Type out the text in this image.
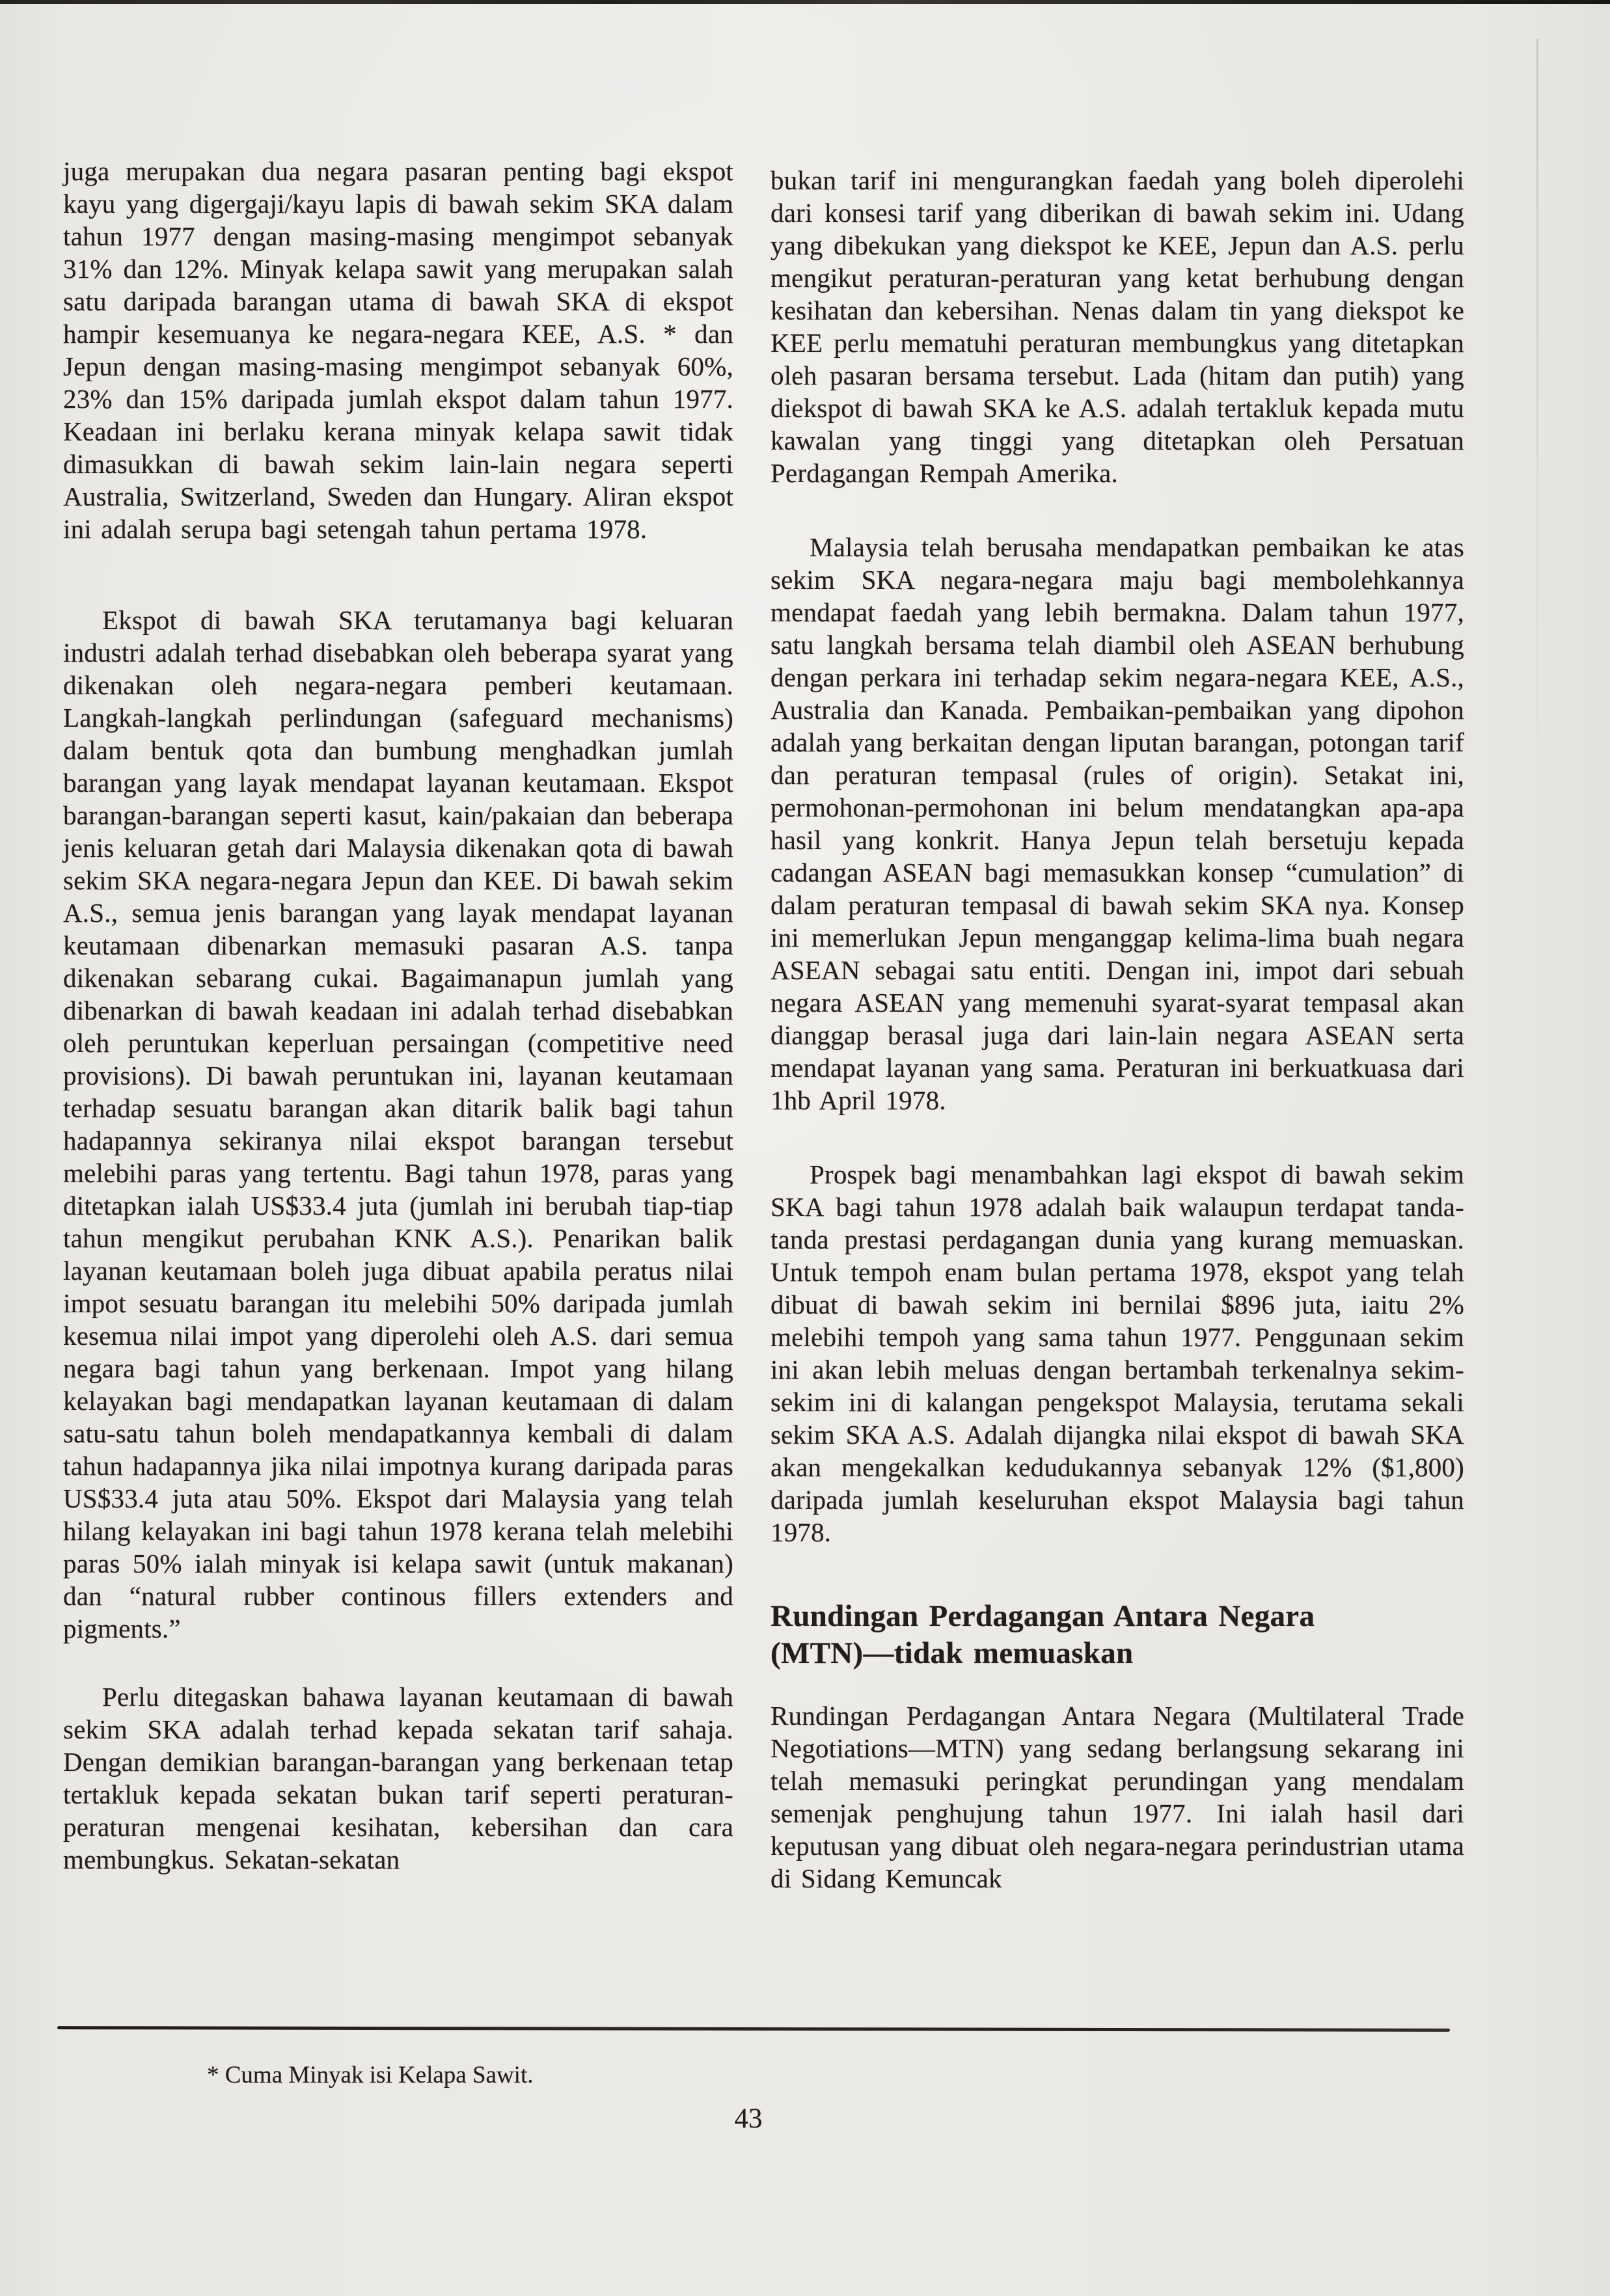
juga merupakan dua negara pasaran penting bagi ekspot kayu yang digergaji/kayu lapis di bawah sekim SKA dalam tahun 1977 dengan masing-masing mengimpot sebanyak 31% dan 12%. Minyak kelapa sawit yang merupakan salah satu daripada barangan utama di bawah SKA di ekspot hampir kesemuanya ke negara-negara KEE, A.S. * dan Jepun dengan masing-masing mengimpot sebanyak 60%, 23% dan 15% daripada jumlah ekspot dalam tahun 1977. Keadaan ini berlaku kerana minyak kelapa sawit tidak dimasukkan di bawah sekim lain-lain negara seperti Australia, Switzerland, Sweden dan Hungary. Aliran ekspot ini adalah serupa bagi setengah tahun pertama 1978.

Ekspot di bawah SKA terutamanya bagi keluaran industri adalah terhad disebabkan oleh beberapa syarat yang dikenakan oleh negara-negara pemberi keutamaan. Langkah-langkah perlindungan (safeguard mechanisms) dalam bentuk qota dan bumbung menghadkan jumlah barangan yang layak mendapat layanan keutamaan. Ekspot barangan-barangan seperti kasut, kain/pakaian dan beberapa jenis keluaran getah dari Malaysia dikenakan qota di bawah sekim SKA negara-negara Jepun dan KEE. Di bawah sekim A.S., semua jenis barangan yang layak mendapat layanan keutamaan dibenarkan memasuki pasaran A.S. tanpa dikenakan sebarang cukai. Bagaimanapun jumlah yang dibenarkan di bawah keadaan ini adalah terhad disebabkan oleh peruntukan keperluan persaingan (competitive need provisions). Di bawah peruntukan ini, layanan keutamaan terhadap sesuatu barangan akan ditarik balik bagi tahun hadapannya sekiranya nilai ekspot barangan tersebut melebihi paras yang tertentu. Bagi tahun 1978, paras yang ditetapkan ialah US$33.4 juta (jumlah ini berubah tiap-tiap tahun mengikut perubahan KNK A.S.). Penarikan balik layanan keutamaan boleh juga dibuat apabila peratus nilai impot sesuatu barangan itu melebihi 50% daripada jumlah kesemua nilai impot yang diperolehi oleh A.S. dari semua negara bagi tahun yang berkenaan. Impot yang hilang kelayakan bagi mendapatkan layanan keutamaan di dalam satu-satu tahun boleh mendapatkannya kembali di dalam tahun hadapannya jika nilai impotnya kurang daripada paras US$33.4 juta atau 50%. Ekspot dari Malaysia yang telah hilang kelayakan ini bagi tahun 1978 kerana telah melebihi paras 50% ialah minyak isi kelapa sawit (untuk makanan) dan “natural rubber continous fillers extenders and pigments.”

Perlu ditegaskan bahawa layanan keutamaan di bawah sekim SKA adalah terhad kepada sekatan tarif sahaja. Dengan demikian barangan-barangan yang berkenaan tetap tertakluk kepada sekatan bukan tarif seperti peraturan-peraturan mengenai kesihatan, kebersihan dan cara membungkus. Sekatan-sekatan

bukan tarif ini mengurangkan faedah yang boleh diperolehi dari konsesi tarif yang diberikan di bawah sekim ini. Udang yang dibekukan yang diekspot ke KEE, Jepun dan A.S. perlu mengikut peraturan-peraturan yang ketat berhubung dengan kesihatan dan kebersihan. Nenas dalam tin yang diekspot ke KEE perlu mematuhi peraturan membungkus yang ditetapkan oleh pasaran bersama tersebut. Lada (hitam dan putih) yang diekspot di bawah SKA ke A.S. adalah tertakluk kepada mutu kawalan yang tinggi yang ditetapkan oleh Persatuan Perdagangan Rempah Amerika.

Malaysia telah berusaha mendapatkan pembaikan ke atas sekim SKA negara-negara maju bagi membolehkannya mendapat faedah yang lebih bermakna. Dalam tahun 1977, satu langkah bersama telah diambil oleh ASEAN berhubung dengan perkara ini terhadap sekim negara-negara KEE, A.S., Australia dan Kanada. Pembaikan-pembaikan yang dipohon adalah yang berkaitan dengan liputan barangan, potongan tarif dan peraturan tempasal (rules of origin). Setakat ini, permohonan-permohonan ini belum mendatangkan apa-apa hasil yang konkrit. Hanya Jepun telah bersetuju kepada cadangan ASEAN bagi memasukkan konsep “cumulation” di dalam peraturan tempasal di bawah sekim SKA nya. Konsep ini memerlukan Jepun menganggap kelima-lima buah negara ASEAN sebagai satu entiti. Dengan ini, impot dari sebuah negara ASEAN yang memenuhi syarat-syarat tempasal akan dianggap berasal juga dari lain-lain negara ASEAN serta mendapat layanan yang sama. Peraturan ini berkuatkuasa dari 1hb April 1978.

Prospek bagi menambahkan lagi ekspot di bawah sekim SKA bagi tahun 1978 adalah baik walaupun terdapat tanda-tanda prestasi perdagangan dunia yang kurang memuaskan. Untuk tempoh enam bulan pertama 1978, ekspot yang telah dibuat di bawah sekim ini bernilai $896 juta, iaitu 2% melebihi tempoh yang sama tahun 1977. Penggunaan sekim ini akan lebih meluas dengan bertambah terkenalnya sekim-sekim ini di kalangan pengekspot Malaysia, terutama sekali sekim SKA A.S. Adalah dijangka nilai ekspot di bawah SKA akan mengekalkan kedudukannya sebanyak 12% ($1,800) daripada jumlah keseluruhan ekspot Malaysia bagi tahun 1978.

Rundingan Perdagangan Antara Negara
(MTN)—tidak memuaskan

Rundingan Perdagangan Antara Negara (Multilateral Trade Negotiations—MTN) yang sedang berlangsung sekarang ini telah memasuki peringkat perundingan yang mendalam semenjak penghujung tahun 1977. Ini ialah hasil dari keputusan yang dibuat oleh negara-negara perindustrian utama di Sidang Kemuncak

* Cuma Minyak isi Kelapa Sawit.
43
